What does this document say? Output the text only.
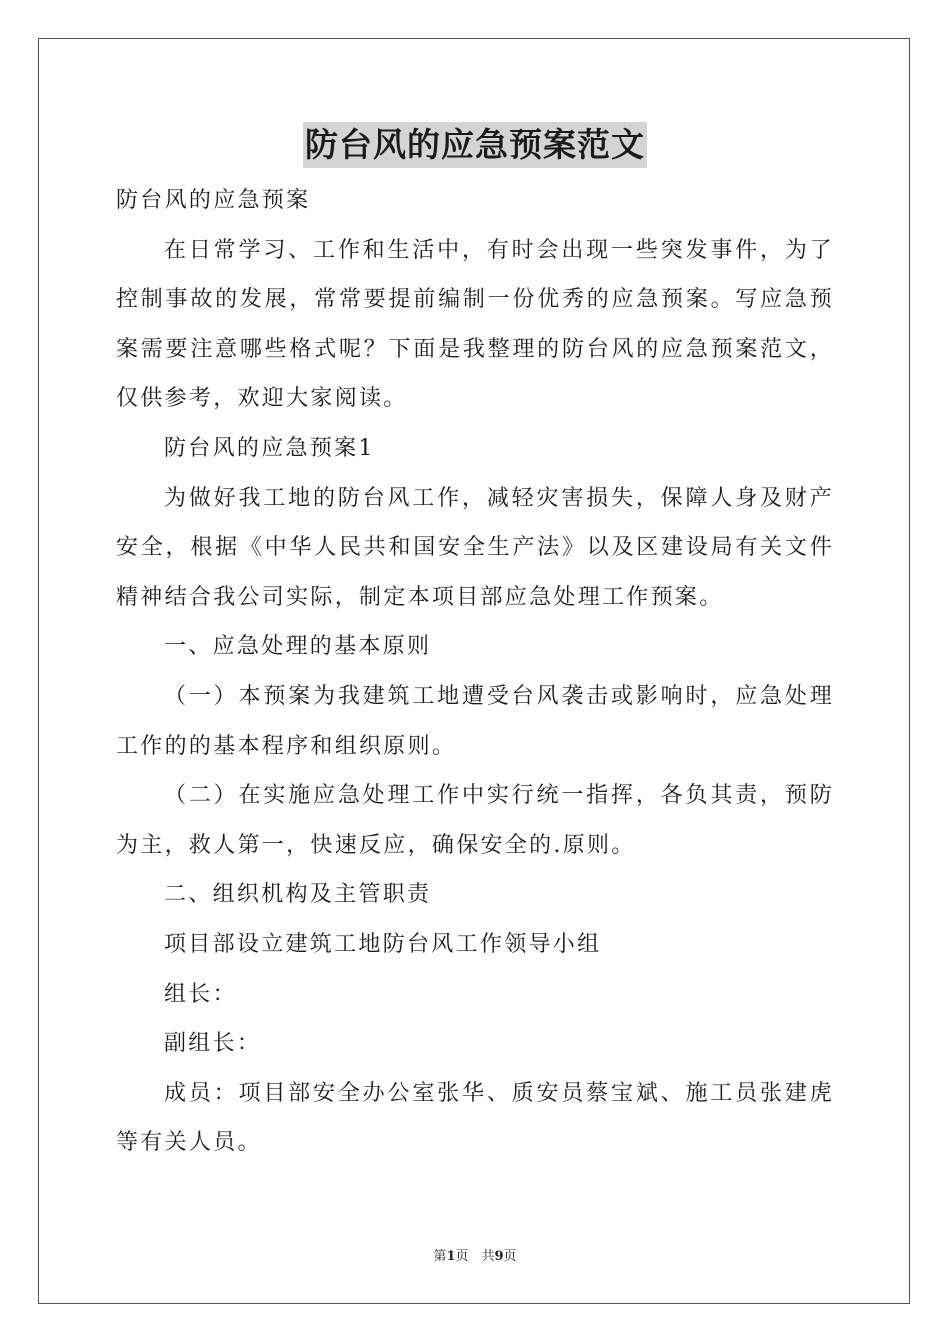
防台风的应急预案范文

防台风的应急预案

在日常学习、工作和生活中，有时会出现一些突发事件，为了控制事故的发展，常常要提前编制一份优秀的应急预案。写应急预案需要注意哪些格式呢？下面是我整理的防台风的应急预案范文，仅供参考，欢迎大家阅读。

防台风的应急预案1

为做好我工地的防台风工作，减轻灾害损失，保障人身及财产安全，根据《中华人民共和国安全生产法》以及区建设局有关文件精神结合我公司实际，制定本项目部应急处理工作预案。

一、应急处理的基本原则

（一）本预案为我建筑工地遭受台风袭击或影响时，应急处理工作的的基本程序和组织原则。

（二）在实施应急处理工作中实行统一指挥，各负其责，预防为主，救人第一，快速反应，确保安全的.原则。

二、组织机构及主管职责

项目部设立建筑工地防台风工作领导小组

组长：

副组长：

成员：项目部安全办公室张华、质安员蔡宝斌、施工员张建虎等有关人员。

第1页　共9页
